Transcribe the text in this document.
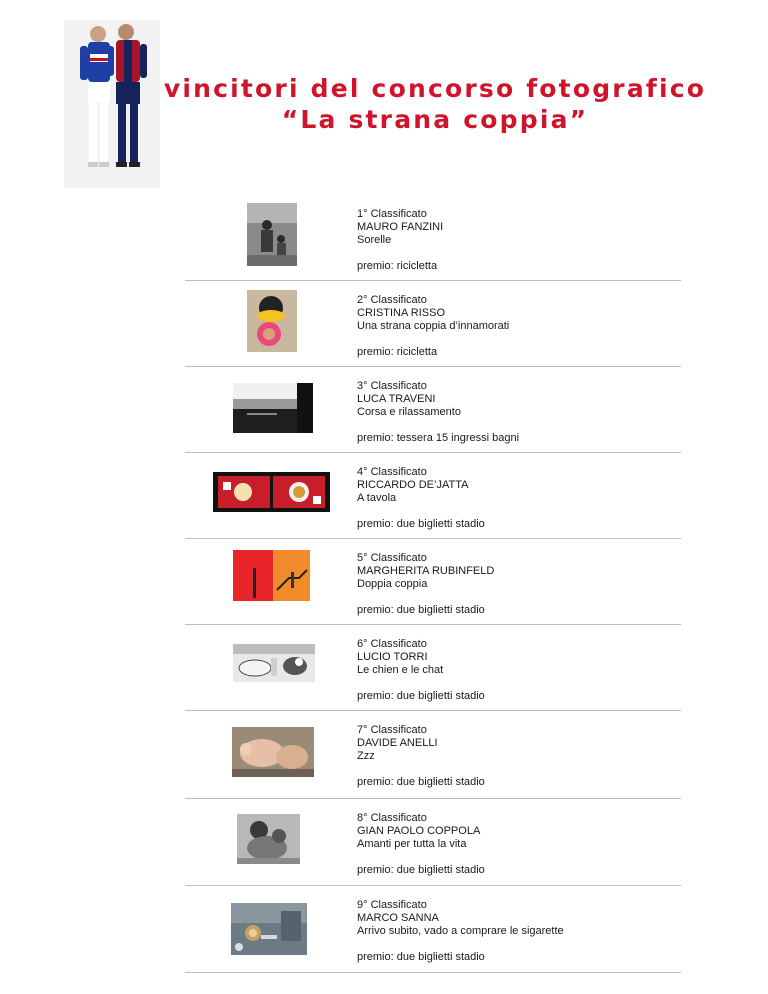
vincitori del concorso fotografico
“La strana coppia”
1° Classificato
MAURO FANZINI
Sorelle
premio: ricicletta
2° Classificato
CRISTINA RISSO
Una strana coppia d’innamorati
premio: ricicletta
3° Classificato
LUCA TRAVENI
Corsa e rilassamento
premio: tessera 15 ingressi bagni
4° Classificato
RICCARDO DE’JATTA
A tavola
premio: due biglietti stadio
5° Classificato
MARGHERITA RUBINFELD
Doppia coppia
premio: due biglietti stadio
6° Classificato
LUCIO TORRI
Le chien e le chat
premio: due biglietti stadio
7° Classificato
DAVIDE ANELLI
Zzz
premio: due biglietti stadio
8° Classificato
GIAN PAOLO COPPOLA
Amanti per tutta la vita
premio: due biglietti stadio
9° Classificato
MARCO SANNA
Arrivo subito, vado a comprare le sigarette
premio: due biglietti stadio
